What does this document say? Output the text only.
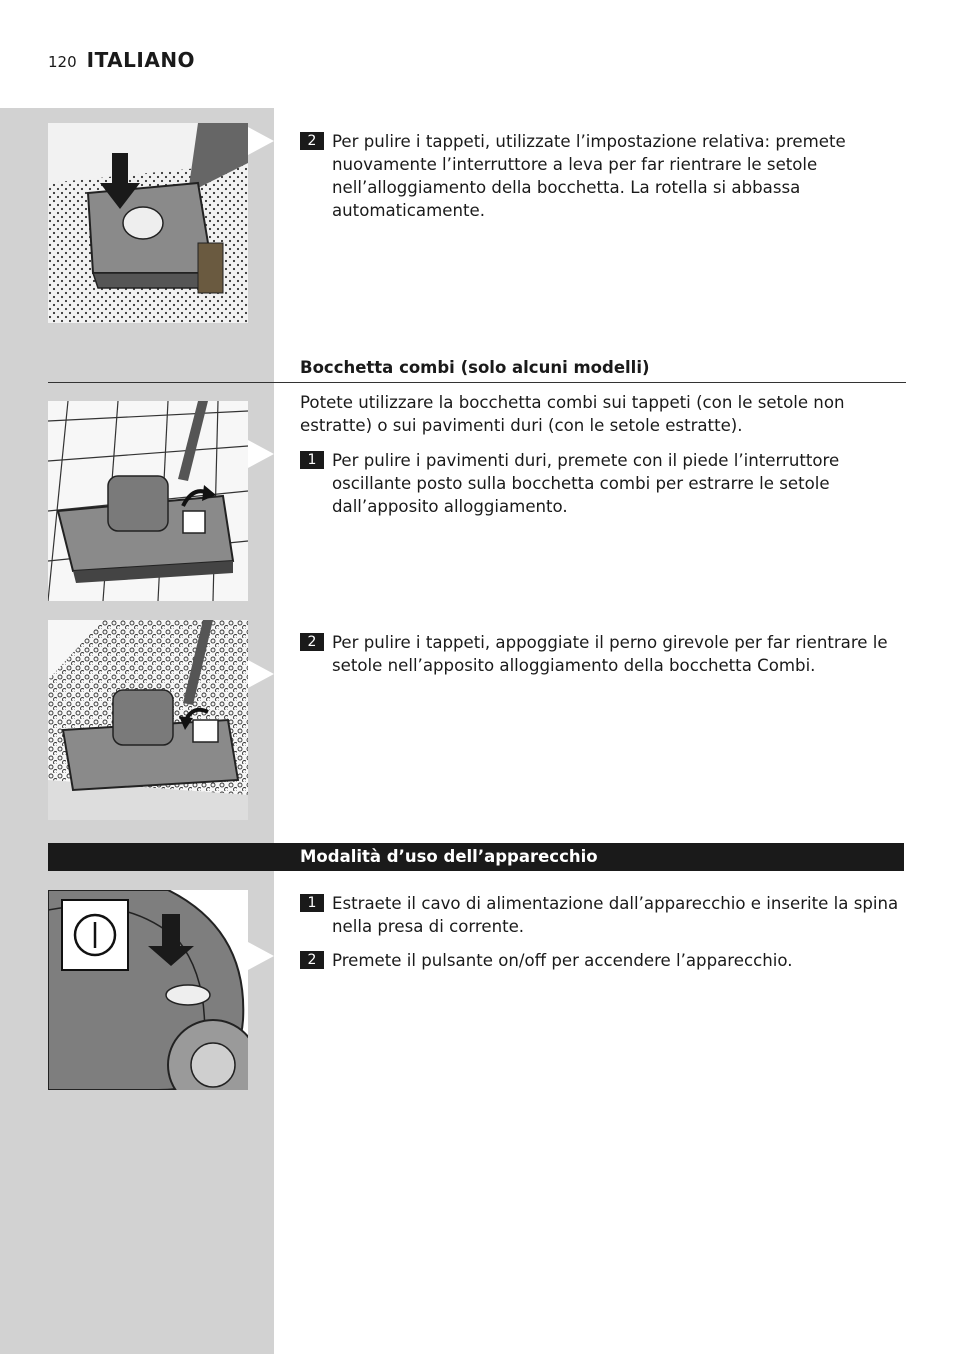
120 ITALIANO
2 Per pulire i tappeti, utilizzate l’impostazione relativa: premete nuovamente l’interruttore a leva per far rientrare le setole nell’alloggiamento della bocchetta. La rotella si abbassa automaticamente.
Bocchetta combi (solo alcuni modelli)
Potete utilizzare la bocchetta combi sui tappeti (con le setole non estratte) o sui pavimenti duri (con le setole estratte).
1 Per pulire i pavimenti duri, premete con il piede l’interruttore oscillante posto sulla bocchetta combi per estrarre le setole dall’apposito alloggiamento.
2 Per pulire i tappeti, appoggiate il perno girevole per far rientrare le setole nell’apposito alloggiamento della bocchetta Combi.
Modalità d’uso dell’apparecchio
1 Estraete il cavo di alimentazione dall’apparecchio e inserite la spina nella presa di corrente.
2 Premete il pulsante on/off per accendere l’apparecchio.
